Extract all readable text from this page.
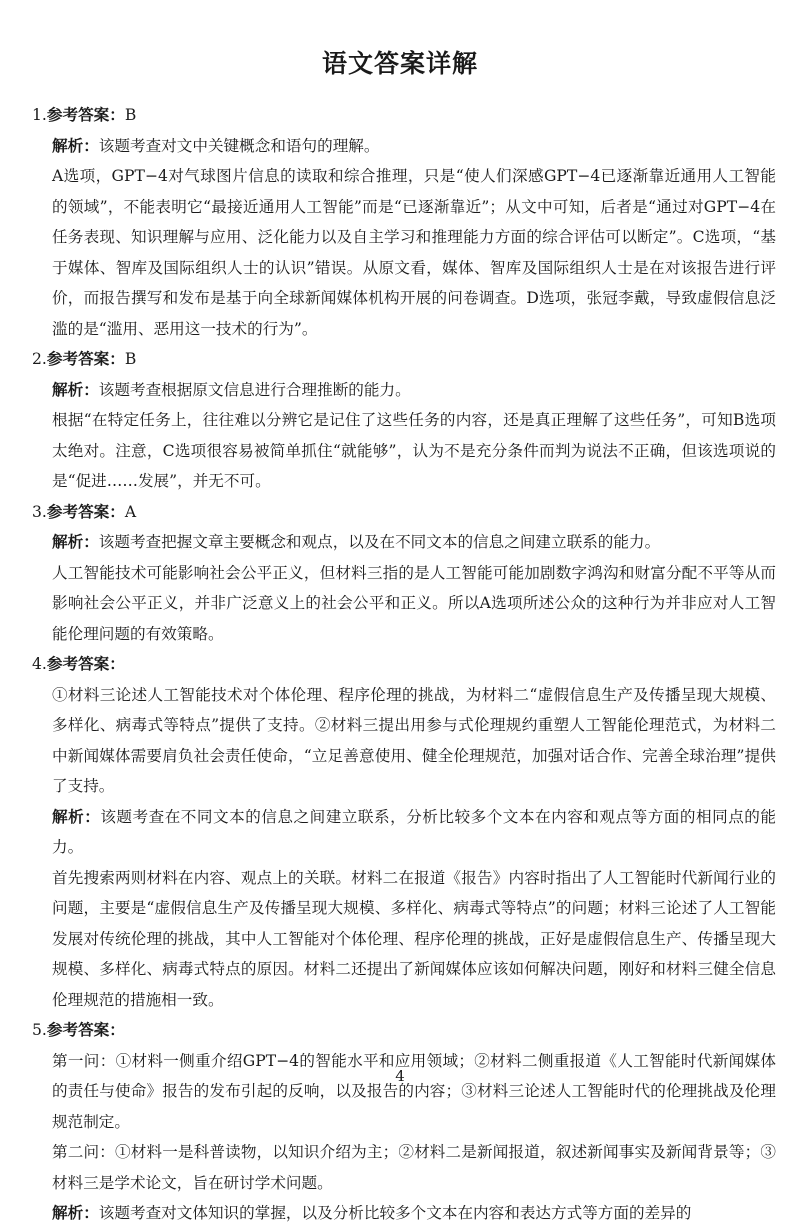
语文答案详解

1.参考答案：B

解析：该题考查对文中关键概念和语句的理解。

A选项，GPT−4对气球图片信息的读取和综合推理，只是“使人们深感GPT−4已逐渐靠近通用人工智能的领域”，不能表明它“最接近通用人工智能”而是“已逐渐靠近”；从文中可知，后者是“通过对GPT−4在任务表现、知识理解与应用、泛化能力以及自主学习和推理能力方面的综合评估可以断定”。C选项，“基于媒体、智库及国际组织人士的认识”错误。从原文看，媒体、智库及国际组织人士是在对该报告进行评价，而报告撰写和发布是基于向全球新闻媒体机构开展的问卷调查。D选项，张冠李戴，导致虚假信息泛滥的是“滥用、恶用这一技术的行为”。

2.参考答案：B

解析：该题考查根据原文信息进行合理推断的能力。

根据“在特定任务上，往往难以分辨它是记住了这些任务的内容，还是真正理解了这些任务”，可知B选项太绝对。注意，C选项很容易被简单抓住“就能够”，认为不是充分条件而判为说法不正确，但该选项说的是“促进……发展”，并无不可。

3.参考答案：A

解析：该题考查把握文章主要概念和观点，以及在不同文本的信息之间建立联系的能力。

人工智能技术可能影响社会公平正义，但材料三指的是人工智能可能加剧数字鸿沟和财富分配不平等从而影响社会公平正义，并非广泛意义上的社会公平和正义。所以A选项所述公众的这种行为并非应对人工智能伦理问题的有效策略。

4.参考答案：

①材料三论述人工智能技术对个体伦理、程序伦理的挑战，为材料二“虚假信息生产及传播呈现大规模、多样化、病毒式等特点”提供了支持。②材料三提出用参与式伦理规约重塑人工智能伦理范式，为材料二中新闻媒体需要肩负社会责任使命，“立足善意使用、健全伦理规范，加强对话合作、完善全球治理”提供了支持。

解析：该题考查在不同文本的信息之间建立联系，分析比较多个文本在内容和观点等方面的相同点的能力。

首先搜索两则材料在内容、观点上的关联。材料二在报道《报告》内容时指出了人工智能时代新闻行业的问题，主要是“虚假信息生产及传播呈现大规模、多样化、病毒式等特点”的问题；材料三论述了人工智能发展对传统伦理的挑战，其中人工智能对个体伦理、程序伦理的挑战，正好是虚假信息生产、传播呈现大规模、多样化、病毒式特点的原因。材料二还提出了新闻媒体应该如何解决问题，刚好和材料三健全信息伦理规范的措施相一致。

5.参考答案：

第一问：①材料一侧重介绍GPT−4的智能水平和应用领域；②材料二侧重报道《人工智能时代新闻媒体的责任与使命》报告的发布引起的反响，以及报告的内容；③材料三论述人工智能时代的伦理挑战及伦理规范制定。

第二问：①材料一是科普读物，以知识介绍为主；②材料二是新闻报道，叙述新闻事实及新闻背景等；③材料三是学术论文，旨在研讨学术问题。

解析：该题考查对文体知识的掌握，以及分析比较多个文本在内容和表达方式等方面的差异的

4
